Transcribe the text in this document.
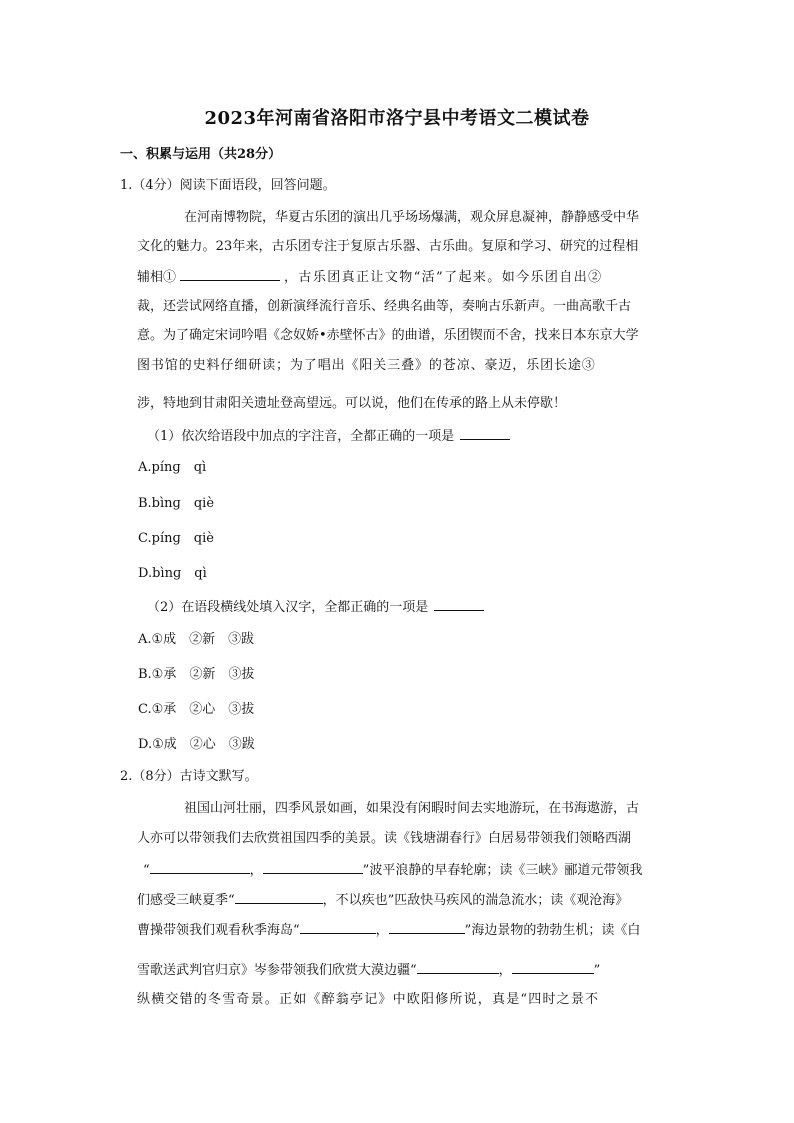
2023年河南省洛阳市洛宁县中考语文二模试卷
一、积累与运用（共28分）
1.（4分）阅读下面语段，回答问题。
在河南博物院，华夏古乐团的演出几乎场场爆满，观众屏息凝神，静静感受中华
文化的魅力。23年来，古乐团专注于复原古乐器、古乐曲。复原和学习、研究的过程相
辅相①	，古乐团真正让文物“活”了起来。如今乐团自出②
裁，还尝试网络直播，创新演绎流行音乐、经典名曲等，奏响古乐新声。一曲高歌千古
意。为了确定宋词吟唱《念奴娇•赤壁怀古》的曲谱，乐团锲而不舍，找来日本东京大学
图书馆的史料仔细研读；为了唱出《阳关三叠》的苍凉、豪迈，乐团长途③
涉，特地到甘肃阳关遗址登高望远。可以说，他们在传承的路上从未停歇！
（1）依次给语段中加点的字注音，全都正确的一项是
A.pínɡ　qì
B.bìnɡ　qiè
C.pínɡ　qiè
D.bìnɡ　qì
（2）在语段横线处填入汉字，全都正确的一项是
A.①成　②新　③跋
B.①承　②新　③拔
C.①承　②心　③拔
D.①成　②心　③跋
2.（8分）古诗文默写。
祖国山河壮丽，四季风景如画，如果没有闲暇时间去实地游玩，在书海遨游，古
人亦可以带领我们去欣赏祖国四季的美景。读《钱塘湖春行》白居易带领我们领略西湖
“	，	”波平浪静的早春轮廓；读《三峡》郦道元带领我
们感受三峡夏季“	，不以疾也”匹敌快马疾风的湍急流水；读《观沧海》
曹操带领我们观看秋季海岛“	，	”海边景物的勃勃生机；读《白
雪歌送武判官归京》岑参带领我们欣赏大漠边疆“	，	”
纵横交错的冬雪奇景。正如《醉翁亭记》中欧阳修所说，真是“四时之景不
